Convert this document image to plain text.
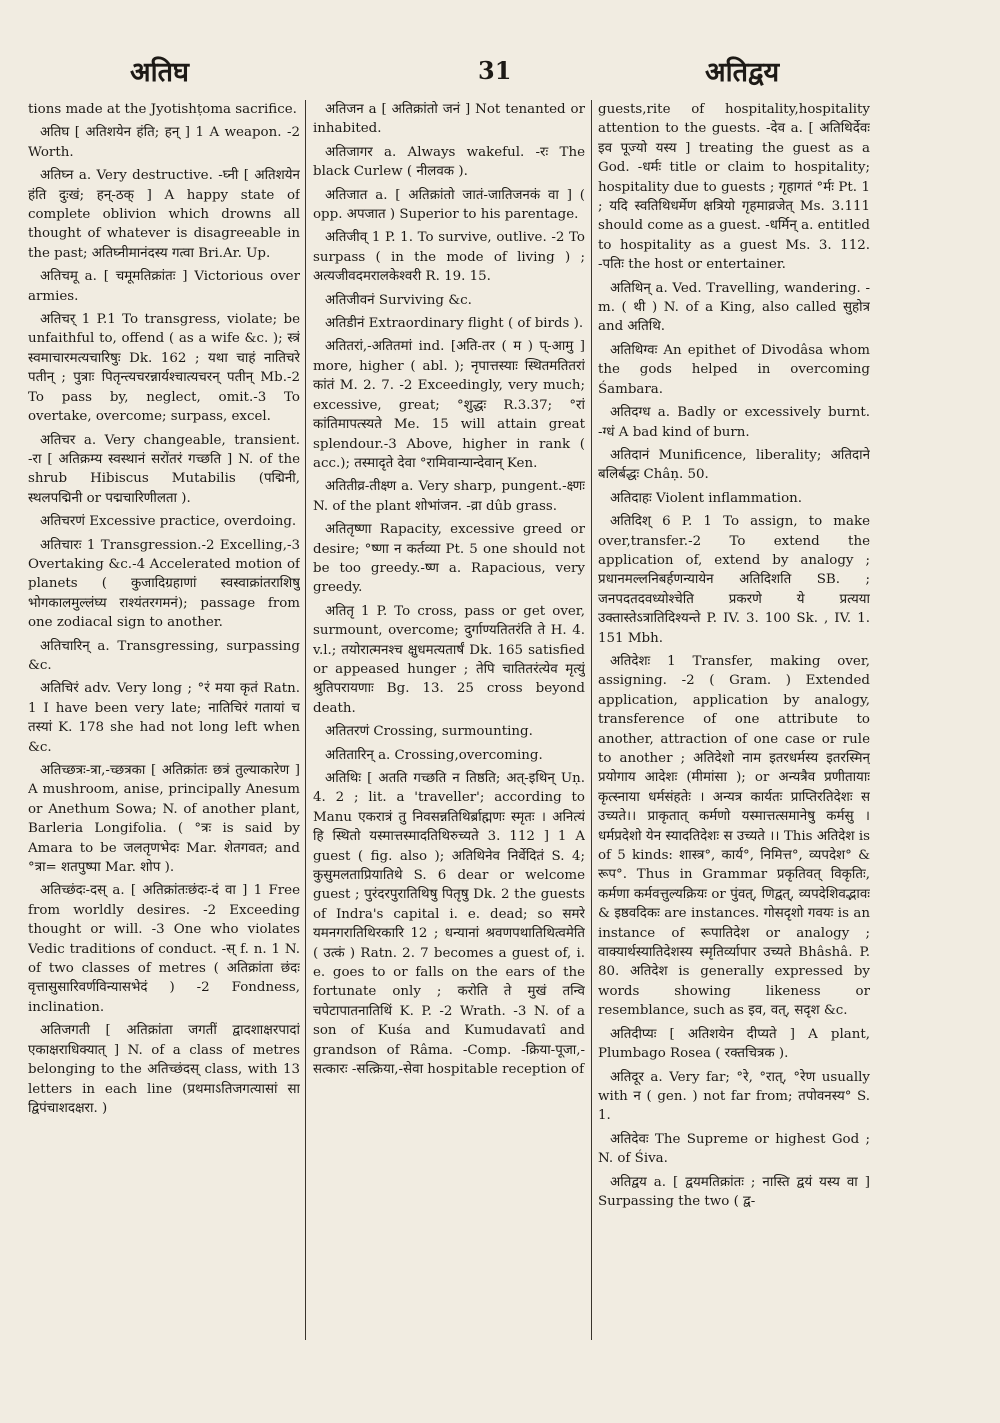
अतिघ	31	अतिद्वय

tions made at the Jyotishṭoma sacrifice.

अतिघ [ अतिशयेन हंति; हन् ] 1 A weapon. -2 Worth.

अतिघ्न a. Very destructive. -घ्नी [ अतिशयेन हंति दुःखं; हन्-ठक् ] A happy state of complete oblivion which drowns all thought of whatever is disagreeable in the past; अतिघ्नीमानंदस्य गत्वा Bri.Ar. Up.

अतिचमू a. [ चमूमतिक्रांतः ] Victorious over armies.

अतिचर् 1 P.1 To transgress, violate; be unfaithful to, offend ( as a wife &c. ); स्त्रं स्वमाचारमत्यचारिषुः Dk. 162 ; यथा चाहं नातिचरे पतीन् ; पुत्राः पितृन्त्यचरन्नार्यश्चात्यचरन् पतीन् Mb.-2 To pass by, neglect, omit.-3 To overtake, overcome; surpass, excel.

अतिचर a. Very changeable, transient. -रा [ अतिक्रम्य स्वस्थानं सरोंतरं गच्छति ] N. of the shrub Hibiscus Mutabilis (पद्मिनी, स्थलपद्मिनी or पद्मचारिणीलता ).

अतिचरणं Excessive practice, overdoing.

अतिचारः 1 Transgression.-2 Excelling,-3 Overtaking &c.-4 Accelerated motion of planets ( कुजादिग्रहाणां स्वस्वाक्रांतराशिषु भोगकालमुल्लंघ्य राश्यंतरगमनं); passage from one zodiacal sign to another.

अतिचारिन् a. Transgressing, surpassing &c.

अतिचिरं adv. Very long ; °रं मया कृतं Ratn. 1 I have been very late; नातिचिरं गतायां च तस्यां K. 178 she had not long left when &c.

अतिच्छत्रः-त्रा,-च्छत्रका [ अतिक्रांतः छत्रं तुल्याकारेण ] A mushroom, anise, principally Anesum or Anethum Sowa; N. of another plant, Barleria Longifolia. ( °त्रः is said by Amara to be जलतृणभेदः Mar. शेतगवत; and °त्रा= शतपुष्पा Mar. शोप ).

अतिच्छंदः-दस् a. [ अतिक्रांतःछंदः-दं वा ] 1 Free from worldly desires. -2 Exceeding thought or will. -3 One who violates Vedic traditions of conduct. -स् f. n. 1 N. of two classes of metres ( अतिक्रांता छंदः वृत्तासुसारिवर्णविन्यासभेदं ) -2 Fondness, inclination.

अतिजगती [ अतिक्रांता जगतीं द्वादशाक्षरपादां एकाक्षराधिक्यात् ] N. of a class of metres belonging to the अतिच्छंदस् class, with 13 letters in each line (प्रथमाऽतिजगत्यासां सा द्विपंचाशदक्षरा. )

अतिजन a [ अतिक्रांतो जनं ] Not tenanted or inhabited.

अतिजागर a. Always wakeful. -रः The black Curlew ( नीलवक ).

अतिजात a. [ अतिक्रांतो जातं-जातिजनकं वा ] ( opp. अपजात ) Superior to his parentage.

अतिजीव् 1 P. 1. To survive, outlive. -2 To surpass ( in the mode of living ) ; अत्यजीवदमरालकेश्वरी R. 19. 15.

अतिजीवनं Surviving &c.

अतिडीनं Extraordinary flight ( of birds ).

अतितरां,-अतितमां ind. [अति-तर ( म ) प्-आमु ] more, higher ( abl. ); नृपात्तस्याः स्थितमतितरां कांतं M. 2. 7. -2 Exceedingly, very much; excessive, great; °शुद्धः R.3.37; °रां कांतिमापत्स्यते Me. 15 will attain great splendour.-3 Above, higher in rank ( acc.); तस्मादृते देवा °रामिवान्यान्देवान् Ken.

अतितीव्र-तीक्ष्ण a. Very sharp, pungent.-क्ष्णः N. of the plant शोभांजन. -व्रा dûb grass.

अतितृष्णा Rapacity, excessive greed or desire; °ष्णा न कर्तव्या Pt. 5 one should not be too greedy.-ष्ण a. Rapacious, very greedy.

अतितृ 1 P. To cross, pass or get over, surmount, overcome; दुर्गाण्यतितरंति ते H. 4. v.l.; तयोरात्मनश्च क्षुधमत्यतार्षं Dk. 165 satisfied or appeased hunger ; तेपि चातितरंत्येव मृत्युं श्रुतिपरायणाः Bg. 13. 25 cross beyond death.

अतितरणं Crossing, surmounting.

अतितारिन् a. Crossing,overcoming.

अतिथिः [ अतति गच्छति न तिष्ठति; अत्-इथिन् Uṇ. 4. 2 ; lit. a 'traveller'; according to Manu एकरात्रं तु निवसन्नतिथिर्ब्राह्मणः स्मृतः । अनित्यं हि स्थितो यस्मात्तस्मादतिथिरुच्यते 3. 112 ] 1 A guest ( fig. also ); अतिथिनेव निर्वेदितं S. 4; कुसुमलताप्रियातिथे S. 6 dear or welcome guest ; पुरंदरपुरातिथिषु पितृषु Dk. 2 the guests of Indra's capital i. e. dead; so समरे यमनगरातिथिरकारि 12 ; धन्यानां श्रवणपथातिथित्वमेति ( उत्कं ) Ratn. 2. 7 becomes a guest of, i. e. goes to or falls on the ears of the fortunate only ; करोति ते मुखं तन्वि चपेटापातनातिथिं K. P. -2 Wrath. -3 N. of a son of Kuśa and Kumudavatî and grandson of Râma. -Comp. -क्रिया-पूजा,-सत्कारः -सत्क्रिया,-सेवा hospitable reception of

guests,rite of hospitality,hospitality attention to the guests. -देव a. [ अतिथिर्देवः इव पूज्यो यस्य ] treating the guest as a God. -धर्मः title or claim to hospitality; hospitality due to guests ; गृहागतं °र्मः Pt. 1 ; यदि स्वतिथिधर्मेण क्षत्रियो गृहमाव्रजेत् Ms. 3.111 should come as a guest. -धर्मिन् a. entitled to hospitality as a guest Ms. 3. 112. -पतिः the host or entertainer.

अतिथिन् a. Ved. Travelling, wandering. -m. ( थी ) N. of a King, also called सुहोत्र and अतिथि.

अतिथिग्वः An epithet of Divodâsa whom the gods helped in overcoming Śambara.

अतिदग्ध a. Badly or excessively burnt. -ग्धं A bad kind of burn.

अतिदानं Munificence, liberality; अतिदाने बलिर्बद्धः Châṇ. 50.

अतिदाहः Violent inflammation.

अतिदिश् 6 P. 1 To assign, to make over,transfer.-2 To extend the application of, extend by analogy ; प्रधानमल्लनिबर्हणन्यायेन अतिदिशति SB. ; जनपदतदवध्योश्चेति प्रकरणे ये प्रत्यया उक्तास्तेऽत्रातिदिश्यन्ते P. IV. 3. 100 Sk. , IV. 1. 151 Mbh.

अतिदेशः 1 Transfer, making over, assigning. -2 ( Gram. ) Extended application, application by analogy, transference of one attribute to another, attraction of one case or rule to another ; अतिदेशो नाम इतरधर्मस्य इतरस्मिन् प्रयोगाय आदेशः (मीमांसा ); or अन्यत्रैव प्रणीतायाः कृत्स्नाया धर्मसंहतेः । अन्यत्र कार्यतः प्राप्तिरतिदेशः स उच्यते।। प्राकृतात् कर्मणो यस्मात्तत्समानेषु कर्मसु । धर्मप्रदेशो येन स्यादतिदेशः स उच्यते ।। This अतिदेश is of 5 kinds: शास्त्र°, कार्य°, निमित्त°, व्यपदेश° & रूप°. Thus in Grammar प्रकृतिवत् विकृतिः, कर्मणा कर्मवत्तुल्यक्रियः or पुंवत्, णिद्वत्, व्यपदेशिवद्भावः & इष्ठवदिकः are instances. गोसदृशो गवयः is an instance of रूपातिदेश or analogy ; वाक्यार्थस्यातिदेशस्य स्मृतिर्व्यापार उच्यते Bhâshâ. P. 80. अतिदेश is generally expressed by words showing likeness or resemblance, such as इव, वत्, सदृश &c.

अतिदीप्यः [ अतिशयेन दीप्यते ] A plant, Plumbago Rosea ( रक्तचित्रक ).

अतिदूर a. Very far; °रे, °रात्, °रेण usually with न ( gen. ) not far from; तपोवनस्य° S. 1.

अतिदेवः The Supreme or highest God ; N. of Śiva.

अतिद्वय a. [ द्वयमतिक्रांतः ; नास्ति द्वयं यस्य वा ] Surpassing the two ( द्व-
